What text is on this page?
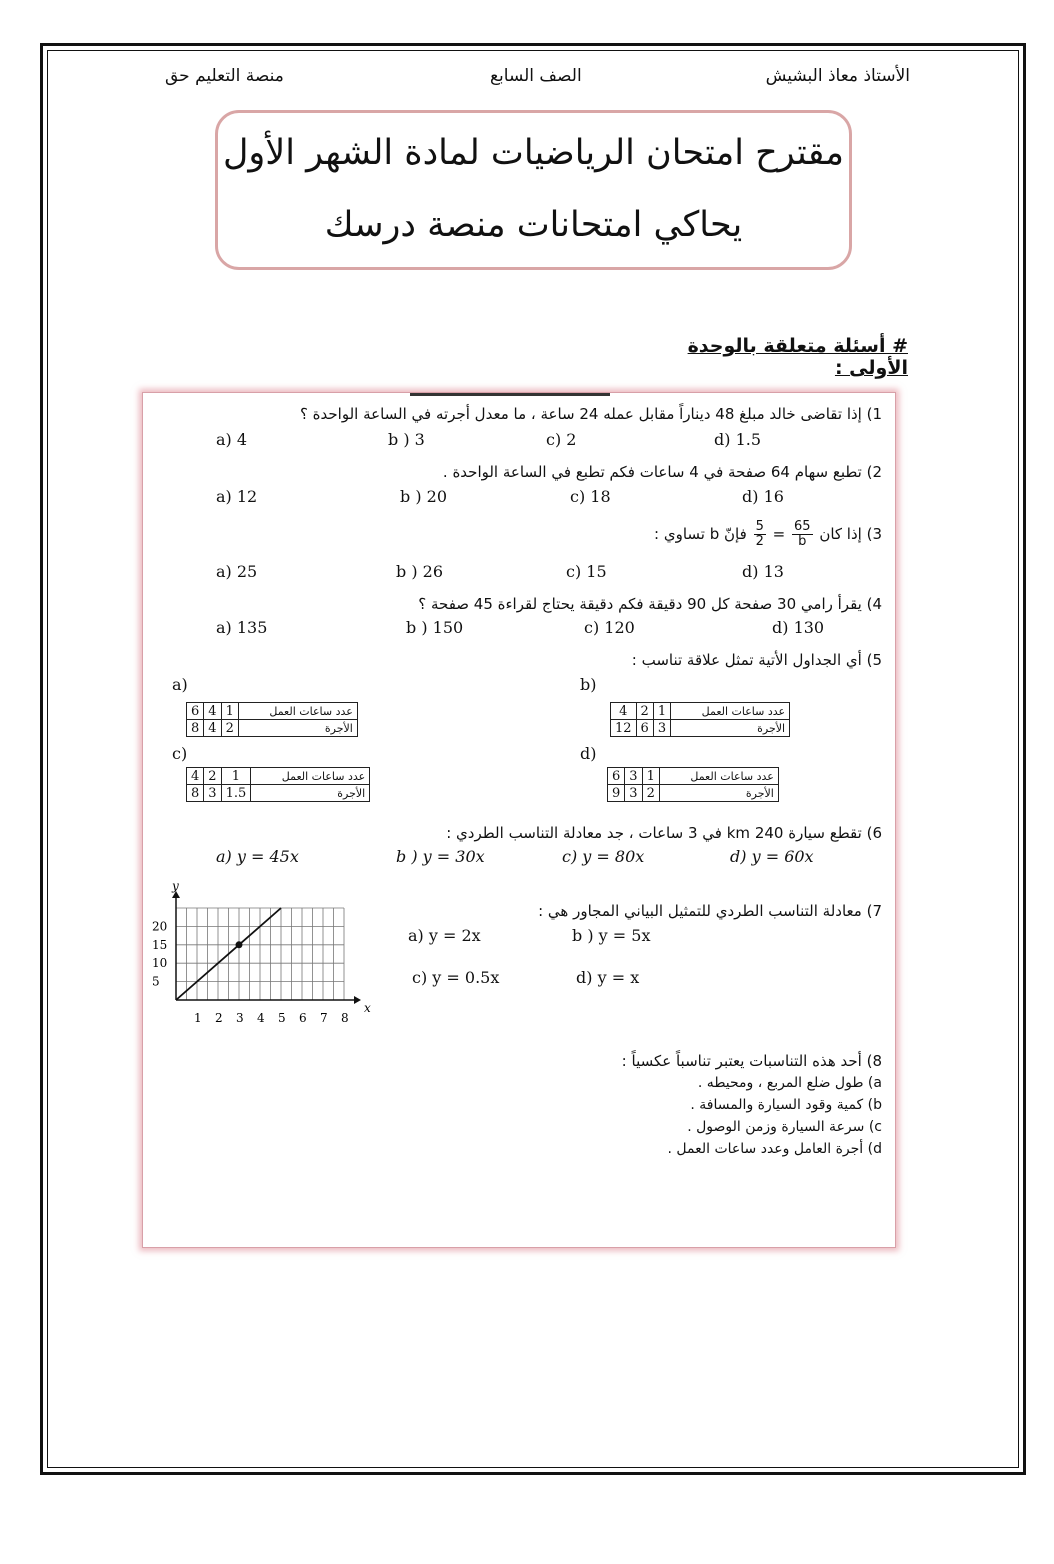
الأستاذ معاذ البشيش
الصف السابع
منصة التعليم حق
مقترح امتحان الرياضيات لمادة الشهر الأول
يحاكي امتحانات منصة درسك
# أسئلة متعلقة بالوحدة الأولى :
1) إذا تقاضى خالد مبلغ 48 ديناراً مقابل عمله 24 ساعة ، ما معدل أجرته في الساعة الواحدة ؟
a) 4	b ) 3	c) 2	d) 1.5
2) تطبع سهام 64 صفحة في 4 ساعات فكم تطبع في الساعة الواحدة .
a) 12	b ) 20	c) 18	d) 16
3) إذا كان
$\frac{65}{b}$
=
$\frac{5}{2}$
فإنّ b تساوي :
a) 25	b ) 26	c) 15	d) 13
4) يقرأ رامي 30 صفحة كل 90 دقيقة فكم دقيقة يحتاج لقراءة 45 صفحة ؟
a) 135	b ) 150	c) 120	d) 130
5) أي الجداول الأتية تمثل علاقة تناسب :
a)	b)
c)	d)
6	4	1	عدد ساعات العمل
8	4	2	الأجرة
4	2	1	عدد ساعات العمل
12	6	3	الأجرة
4	2	1	عدد ساعات العمل
8	3	1.5	الأجرة
6	3	1	عدد ساعات العمل
9	3	2	الأجرة
6) تقطع سيارة 240 km في 3 ساعات ، جد معادلة التناسب الطردي :
a) y = 45x	b ) y = 30x	c) y = 80x	d) y = 60x
7) معادلة التناسب الطردي للتمثيل البياني المجاور هي :
a) y = 2x	b ) y = 5x
c) y = 0.5x	d) y = x
x
y
1 2 3 4 5 6 7 8
5
10
15
20
8) أحد هذه التناسبات يعتبر تناسباً عكسياً :
a) طول ضلع المربع ، ومحيطه .
b) كمية وقود السيارة والمسافة .
c) سرعة السيارة وزمن الوصول .
d) أجرة العامل وعدد ساعات العمل .
